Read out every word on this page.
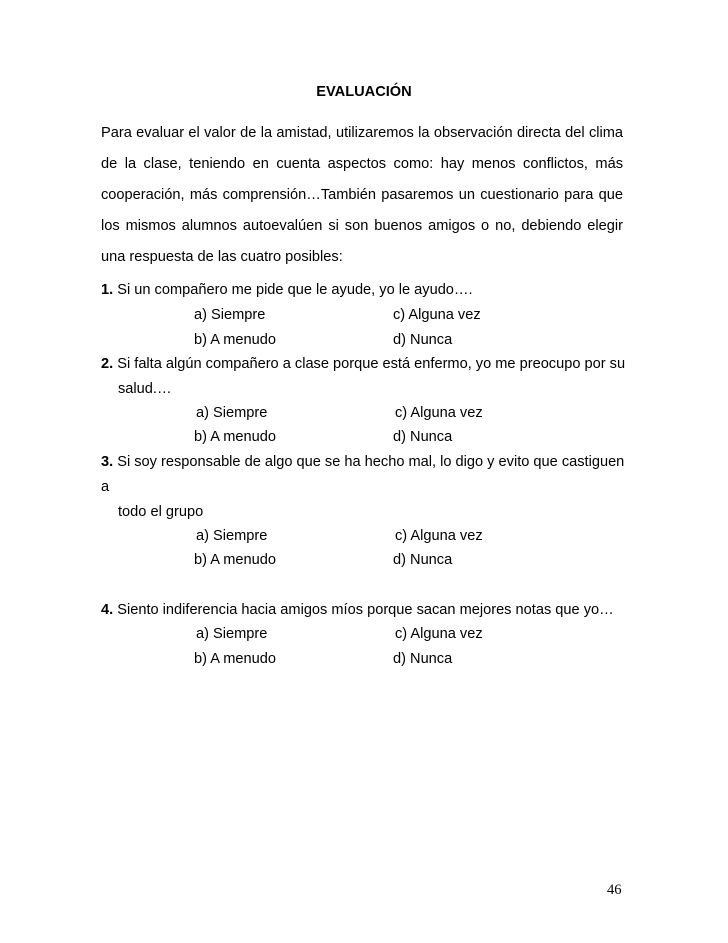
EVALUACIÓN

Para evaluar el valor de la amistad, utilizaremos la observación directa del clima de la clase, teniendo en cuenta aspectos como: hay menos conflictos, más cooperación, más comprensión…También pasaremos un cuestionario para que los mismos alumnos autoevalúen si son buenos amigos o no, debiendo elegir una respuesta de las cuatro posibles:

1. Si un compañero me pide que le ayude, yo le ayudo….
a) Siempre	c) Alguna vez
b) A menudo	d) Nunca
2. Si falta algún compañero a clase porque está enfermo, yo me preocupo por su
salud.…
a) Siempre	c) Alguna vez
b) A menudo	d) Nunca
3. Si soy responsable de algo que se ha hecho mal, lo digo y evito que castiguen a
todo el grupo
a) Siempre	c) Alguna vez
b) A menudo	d) Nunca
4. Siento indiferencia hacia amigos míos porque sacan mejores notas que yo…
a) Siempre	c) Alguna vez
b) A menudo	d) Nunca
46
